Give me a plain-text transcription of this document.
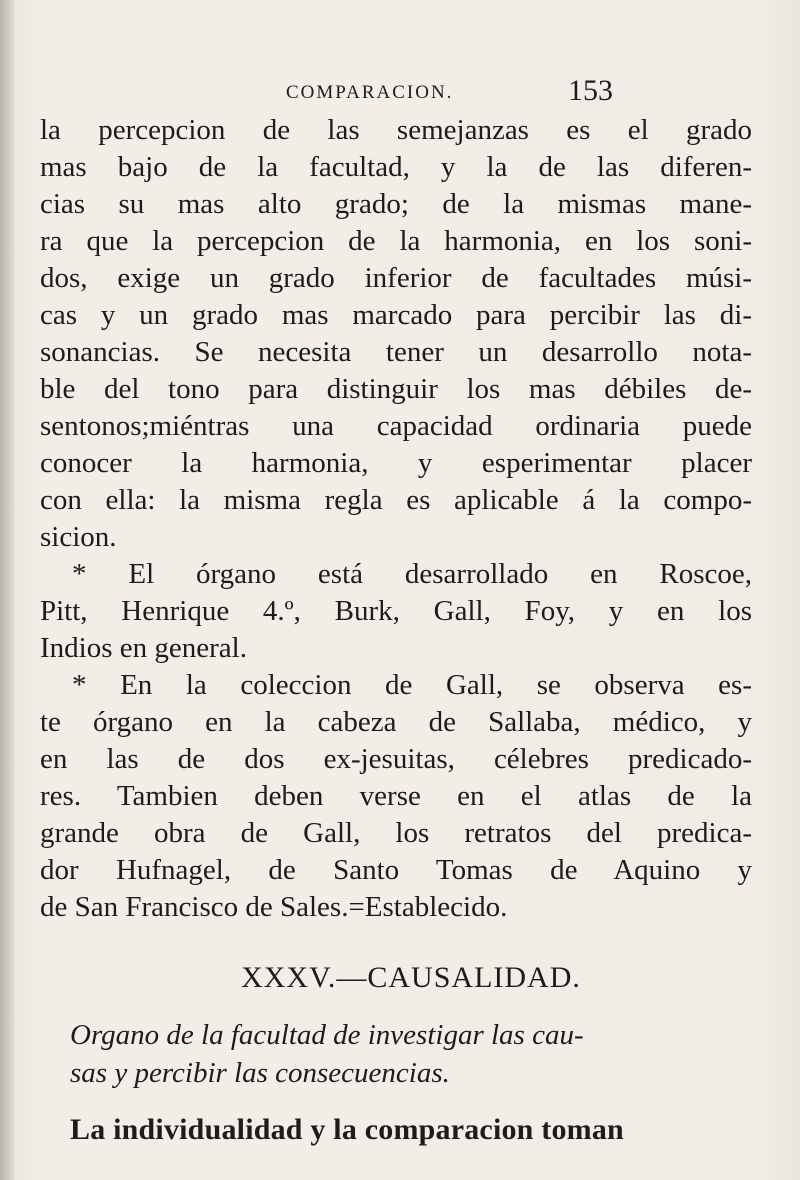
COMPARACION.	153
la percepcion de las semejanzas es el grado
mas bajo de la facultad, y la de las diferen-
cias su mas alto grado; de la mismas mane-
ra que la percepcion de la harmonia, en los soni-
dos, exige un grado inferior de facultades músi-
cas y un grado mas marcado para percibir las di-
sonancias. Se necesita tener un desarrollo nota-
ble del tono para distinguir los mas débiles de-
sentonos;miéntras una capacidad ordinaria puede
conocer la harmonia, y esperimentar placer
con ella: la misma regla es aplicable á la compo-
sicion.
* El órgano está desarrollado en Roscoe,
Pitt, Henrique 4.º, Burk, Gall, Foy, y en los
Indios en general.
* En la coleccion de Gall, se observa es-
te órgano en la cabeza de Sallaba, médico, y
en las de dos ex-jesuitas, célebres predicado-
res. Tambien deben verse en el atlas de la
grande obra de Gall, los retratos del predica-
dor Hufnagel, de Santo Tomas de Aquino y
de San Francisco de Sales.=Establecido.
XXXV.—CAUSALIDAD.
Organo de la facultad de investigar las cau-
sas y percibir las consecuencias.
La individualidad y la comparacion toman
